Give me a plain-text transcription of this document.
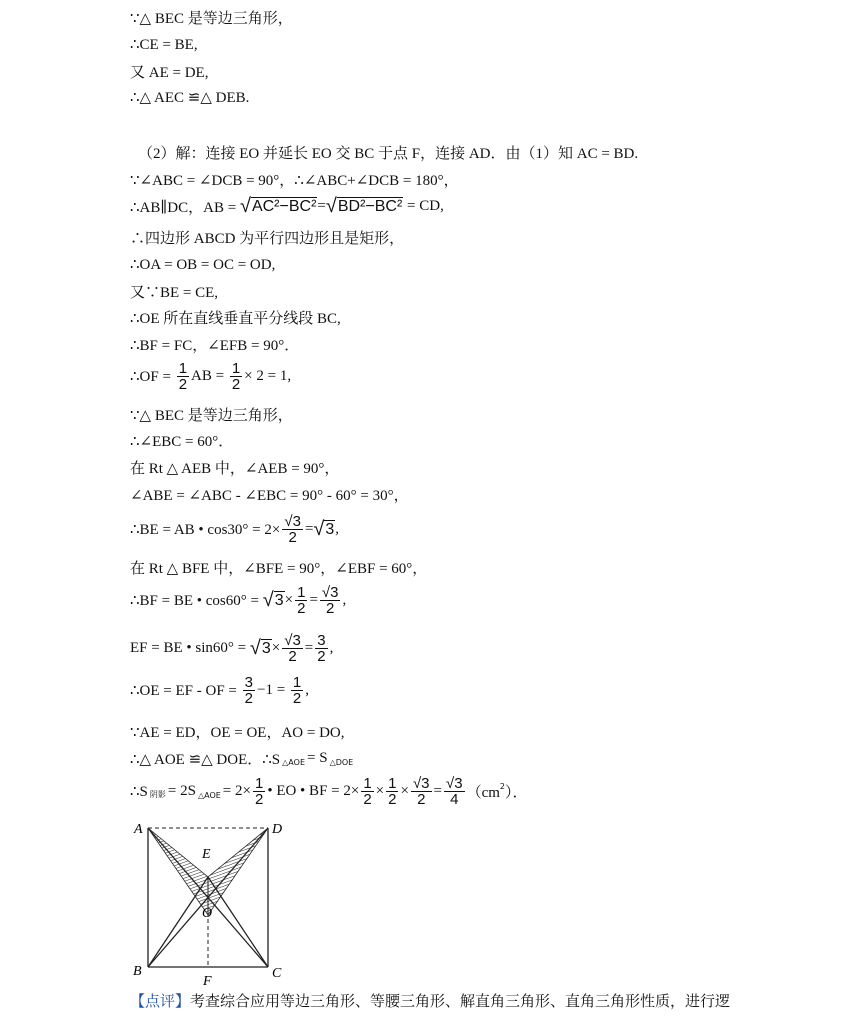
A	D
E
O
B	C
F
【点评】 考查综合应用等边三角形、等腰三角形、解直角三角形、直角三角形性质，进行逻
∵△ BEC 是等边三角形，
∴CE = BE,
又 AE = DE,
∴△ AEC ≌△ DEB.
（2）解：连接 EO 并延长 EO 交 BC 于点 F，连接 AD．由（1）知 AC = BD.
∵∠ABC = ∠DCB = 90°，∴∠ABC+∠DCB = 180°，
∴AB∥DC，AB = √ AC²−BC² = √ BD²−BC² = CD,
∴四边形 ABCD 为平行四边形且是矩形，
∴OA = OB = OC = OD,
又∵BE = CE,
∴OE 所在直线垂直平分线段 BC,
∴BF = FC，∠EFB = 90°．
∴OF = $\frac{1}{2}$ AB = $\frac{1}{2} \times 2 = 1$,
∵△ BEC 是等边三角形，
∴∠EBC = 60°．
在 Rt △ AEB 中，∠AEB = 90°，
∠ABE = ∠ABC - ∠EBC = 90° - 60° = 30°，
∴BE = AB • $\cos 30^\circ = 2\times \frac{√3}{2}$ = √ 3 ,
在 Rt △ BFE 中，∠BFE = 90°，∠EBF = 60°，
∴BF = BE • cos60° = √ $3 \times \frac{1}{2} = \frac{√3}{2}$ ,
EF = BE • sin60° = √ $3 \times \frac{√3}{2} = \frac{3}{2}$ ,
∴OE = EF - OF = $\frac{3}{2} -1 = \frac{1}{2}$ ,
∵AE = ED，OE = OE，AO = DO,
∴△ AOE ≌△ DOE．∴S △AOE = S △DOE
∴S 阴影 = 2S △AOE = $2\times \frac{1}{2}$ • EO • BF = $2\times \frac{1}{2} \times \frac{1}{2} \times \frac{√3}{2} = \frac{√3}{4} (cm$ 2 ）．
